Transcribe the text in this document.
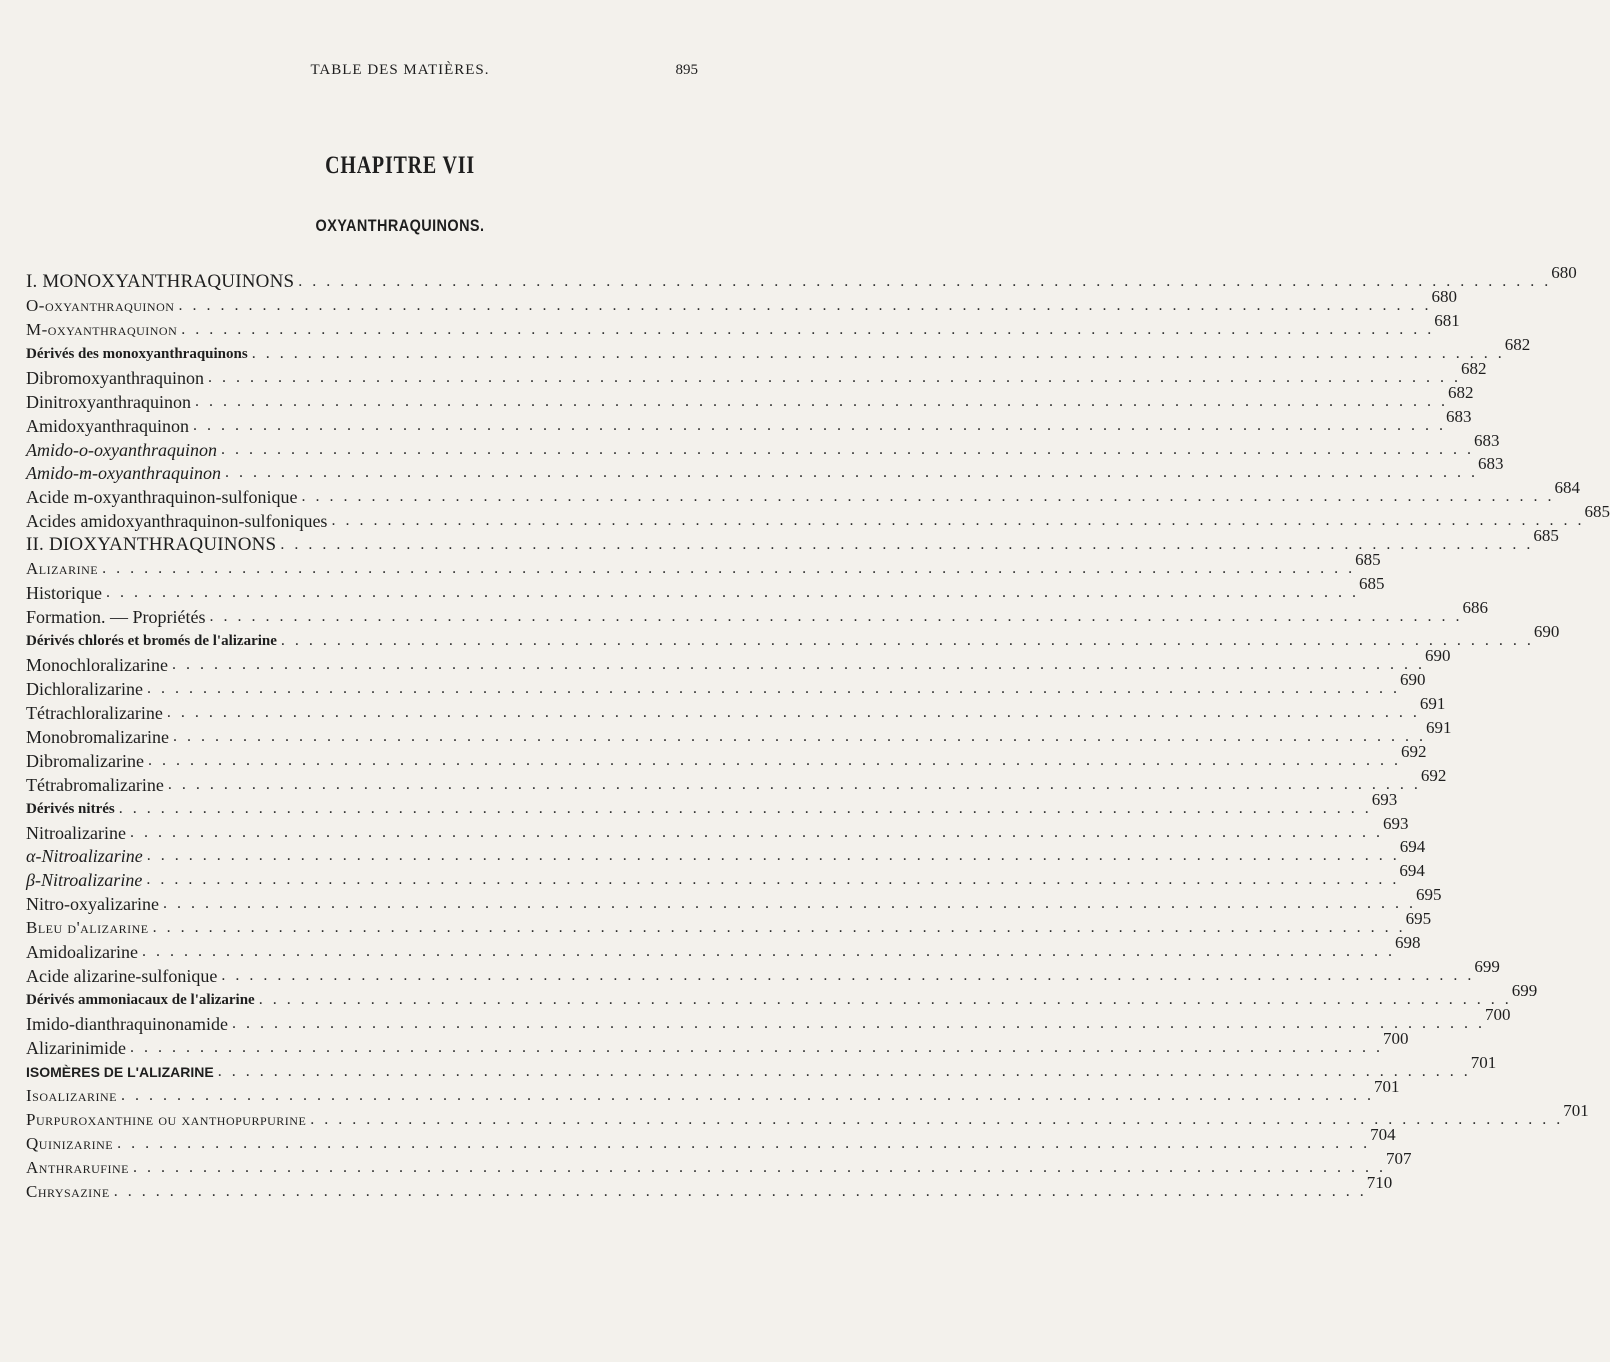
TABLE DES MATIÈRES.	895
CHAPITRE VII
OXYANTHRAQUINONS.
I. MONOXYANTHRAQUINONS . . . . . . . . . . . . . . . . . . . . . . . . . . . . . . . . . . . . . . . . . . . . . . . . . . . . . . . . . . . . . . . . . . . . . . . . . . . . . . . . . . . . . . . . . . 680
O-oxyanthraquinon . . . . . . . . . . . . . . . . . . . . . . . . . . . . . . . . . . . . . . . . . . . . . . . . . . . . . . . . . . . . . . . . . . . . . . . . . . . . . . . . . . . . . . . . . . 680
M-oxyanthraquinon . . . . . . . . . . . . . . . . . . . . . . . . . . . . . . . . . . . . . . . . . . . . . . . . . . . . . . . . . . . . . . . . . . . . . . . . . . . . . . . . . . . . . . . . . . 681
Dérivés des monoxyanthraquinons . . . . . . . . . . . . . . . . . . . . . . . . . . . . . . . . . . . . . . . . . . . . . . . . . . . . . . . . . . . . . . . . . . . . . . . . . . . . . . . . . . . . . . . . . . 682
Dibromoxyanthraquinon . . . . . . . . . . . . . . . . . . . . . . . . . . . . . . . . . . . . . . . . . . . . . . . . . . . . . . . . . . . . . . . . . . . . . . . . . . . . . . . . . . . . . . . . . . 682
Dinitroxyanthraquinon . . . . . . . . . . . . . . . . . . . . . . . . . . . . . . . . . . . . . . . . . . . . . . . . . . . . . . . . . . . . . . . . . . . . . . . . . . . . . . . . . . . . . . . . . . 682
Amidoxyanthraquinon . . . . . . . . . . . . . . . . . . . . . . . . . . . . . . . . . . . . . . . . . . . . . . . . . . . . . . . . . . . . . . . . . . . . . . . . . . . . . . . . . . . . . . . . . . 683
Amido-o-oxyanthraquinon . . . . . . . . . . . . . . . . . . . . . . . . . . . . . . . . . . . . . . . . . . . . . . . . . . . . . . . . . . . . . . . . . . . . . . . . . . . . . . . . . . . . . . . . . . 683
Amido-m-oxyanthraquinon . . . . . . . . . . . . . . . . . . . . . . . . . . . . . . . . . . . . . . . . . . . . . . . . . . . . . . . . . . . . . . . . . . . . . . . . . . . . . . . . . . . . . . . . . . 683
Acide m-oxyanthraquinon-sulfonique . . . . . . . . . . . . . . . . . . . . . . . . . . . . . . . . . . . . . . . . . . . . . . . . . . . . . . . . . . . . . . . . . . . . . . . . . . . . . . . . . . . . . . . . . . 684
Acides amidoxyanthraquinon-sulfoniques . . . . . . . . . . . . . . . . . . . . . . . . . . . . . . . . . . . . . . . . . . . . . . . . . . . . . . . . . . . . . . . . . . . . . . . . . . . . . . . . . . . . . . . . . . 685
II. DIOXYANTHRAQUINONS . . . . . . . . . . . . . . . . . . . . . . . . . . . . . . . . . . . . . . . . . . . . . . . . . . . . . . . . . . . . . . . . . . . . . . . . . . . . . . . . . . . . . . . . . . 685
Alizarine . . . . . . . . . . . . . . . . . . . . . . . . . . . . . . . . . . . . . . . . . . . . . . . . . . . . . . . . . . . . . . . . . . . . . . . . . . . . . . . . . . . . . . . . . . 685
Historique . . . . . . . . . . . . . . . . . . . . . . . . . . . . . . . . . . . . . . . . . . . . . . . . . . . . . . . . . . . . . . . . . . . . . . . . . . . . . . . . . . . . . . . . . . 685
Formation. — Propriétés . . . . . . . . . . . . . . . . . . . . . . . . . . . . . . . . . . . . . . . . . . . . . . . . . . . . . . . . . . . . . . . . . . . . . . . . . . . . . . . . . . . . . . . . . . 686
Dérivés chlorés et bromés de l'alizarine . . . . . . . . . . . . . . . . . . . . . . . . . . . . . . . . . . . . . . . . . . . . . . . . . . . . . . . . . . . . . . . . . . . . . . . . . . . . . . . . . . . . . . . . . . 690
Monochloralizarine . . . . . . . . . . . . . . . . . . . . . . . . . . . . . . . . . . . . . . . . . . . . . . . . . . . . . . . . . . . . . . . . . . . . . . . . . . . . . . . . . . . . . . . . . . 690
Dichloralizarine . . . . . . . . . . . . . . . . . . . . . . . . . . . . . . . . . . . . . . . . . . . . . . . . . . . . . . . . . . . . . . . . . . . . . . . . . . . . . . . . . . . . . . . . . . 690
Tétrachloralizarine . . . . . . . . . . . . . . . . . . . . . . . . . . . . . . . . . . . . . . . . . . . . . . . . . . . . . . . . . . . . . . . . . . . . . . . . . . . . . . . . . . . . . . . . . . 691
Monobromalizarine . . . . . . . . . . . . . . . . . . . . . . . . . . . . . . . . . . . . . . . . . . . . . . . . . . . . . . . . . . . . . . . . . . . . . . . . . . . . . . . . . . . . . . . . . . 691
Dibromalizarine . . . . . . . . . . . . . . . . . . . . . . . . . . . . . . . . . . . . . . . . . . . . . . . . . . . . . . . . . . . . . . . . . . . . . . . . . . . . . . . . . . . . . . . . . . 692
Tétrabromalizarine . . . . . . . . . . . . . . . . . . . . . . . . . . . . . . . . . . . . . . . . . . . . . . . . . . . . . . . . . . . . . . . . . . . . . . . . . . . . . . . . . . . . . . . . . . 692
Dérivés nitrés . . . . . . . . . . . . . . . . . . . . . . . . . . . . . . . . . . . . . . . . . . . . . . . . . . . . . . . . . . . . . . . . . . . . . . . . . . . . . . . . . . . . . . . . . . 693
Nitroalizarine . . . . . . . . . . . . . . . . . . . . . . . . . . . . . . . . . . . . . . . . . . . . . . . . . . . . . . . . . . . . . . . . . . . . . . . . . . . . . . . . . . . . . . . . . . 693
α-Nitroalizarine . . . . . . . . . . . . . . . . . . . . . . . . . . . . . . . . . . . . . . . . . . . . . . . . . . . . . . . . . . . . . . . . . . . . . . . . . . . . . . . . . . . . . . . . . . 694
β-Nitroalizarine . . . . . . . . . . . . . . . . . . . . . . . . . . . . . . . . . . . . . . . . . . . . . . . . . . . . . . . . . . . . . . . . . . . . . . . . . . . . . . . . . . . . . . . . . . 694
Nitro-oxyalizarine . . . . . . . . . . . . . . . . . . . . . . . . . . . . . . . . . . . . . . . . . . . . . . . . . . . . . . . . . . . . . . . . . . . . . . . . . . . . . . . . . . . . . . . . . . 695
Bleu d'alizarine . . . . . . . . . . . . . . . . . . . . . . . . . . . . . . . . . . . . . . . . . . . . . . . . . . . . . . . . . . . . . . . . . . . . . . . . . . . . . . . . . . . . . . . . . . 695
Amidoalizarine . . . . . . . . . . . . . . . . . . . . . . . . . . . . . . . . . . . . . . . . . . . . . . . . . . . . . . . . . . . . . . . . . . . . . . . . . . . . . . . . . . . . . . . . . . 698
Acide alizarine-sulfonique . . . . . . . . . . . . . . . . . . . . . . . . . . . . . . . . . . . . . . . . . . . . . . . . . . . . . . . . . . . . . . . . . . . . . . . . . . . . . . . . . . . . . . . . . . 699
Dérivés ammoniacaux de l'alizarine . . . . . . . . . . . . . . . . . . . . . . . . . . . . . . . . . . . . . . . . . . . . . . . . . . . . . . . . . . . . . . . . . . . . . . . . . . . . . . . . . . . . . . . . . . 699
Imido-dianthraquinonamide . . . . . . . . . . . . . . . . . . . . . . . . . . . . . . . . . . . . . . . . . . . . . . . . . . . . . . . . . . . . . . . . . . . . . . . . . . . . . . . . . . . . . . . . . . 700
Alizarinimide . . . . . . . . . . . . . . . . . . . . . . . . . . . . . . . . . . . . . . . . . . . . . . . . . . . . . . . . . . . . . . . . . . . . . . . . . . . . . . . . . . . . . . . . . . 700
ISOMÈRES DE L'ALIZARINE . . . . . . . . . . . . . . . . . . . . . . . . . . . . . . . . . . . . . . . . . . . . . . . . . . . . . . . . . . . . . . . . . . . . . . . . . . . . . . . . . . . . . . . . . . 701
Isoalizarine . . . . . . . . . . . . . . . . . . . . . . . . . . . . . . . . . . . . . . . . . . . . . . . . . . . . . . . . . . . . . . . . . . . . . . . . . . . . . . . . . . . . . . . . . . 701
Purpuroxanthine ou xanthopurpurine . . . . . . . . . . . . . . . . . . . . . . . . . . . . . . . . . . . . . . . . . . . . . . . . . . . . . . . . . . . . . . . . . . . . . . . . . . . . . . . . . . . . . . . . . . 701
Quinizarine . . . . . . . . . . . . . . . . . . . . . . . . . . . . . . . . . . . . . . . . . . . . . . . . . . . . . . . . . . . . . . . . . . . . . . . . . . . . . . . . . . . . . . . . . . 704
Anthrarufine . . . . . . . . . . . . . . . . . . . . . . . . . . . . . . . . . . . . . . . . . . . . . . . . . . . . . . . . . . . . . . . . . . . . . . . . . . . . . . . . . . . . . . . . . . 707
Chrysazine . . . . . . . . . . . . . . . . . . . . . . . . . . . . . . . . . . . . . . . . . . . . . . . . . . . . . . . . . . . . . . . . . . . . . . . . . . . . . . . . . . . . . . . . . . 710
